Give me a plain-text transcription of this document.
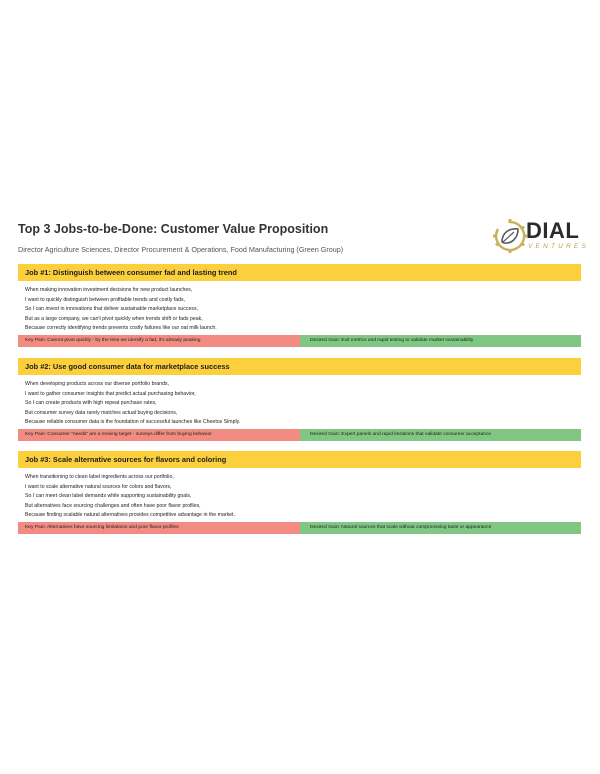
Top 3 Jobs-to-be-Done: Customer Value Proposition
Director Agriculture Sciences, Director Procurement & Operations, Food Manufacturing (Green Group)
DIAL
VENTURES
Job #1: Distinguish between consumer fad and lasting trend
When making innovation investment decisions for new product launches,
I want to quickly distinguish between profitable trends and costly fads,
So I can invest in innovations that deliver sustainable marketplace success,
But as a large company, we can't pivot quickly when trends shift or fads peak,
Because correctly identifying trends prevents costly failures like our oat milk launch.
Key Pain: Cannot pivot quickly - by the time we identify a fad, it's already peaking	Desired Gain: Exit metrics and rapid testing to validate market sustainability
Job #2: Use good consumer data for marketplace success
When developing products across our diverse portfolio brands,
I want to gather consumer insights that predict actual purchasing behavior,
So I can create products with high repeat purchase rates,
But consumer survey data rarely matches actual buying decisions,
Because reliable consumer data is the foundation of successful launches like Cheetos Simply.
Key Pain: Consumer "needs" are a moving target - surveys differ from buying behavior	Desired Gain: Expert panels and rapid iterations that validate consumer acceptance
Job #3: Scale alternative sources for flavors and coloring
When transitioning to clean label ingredients across our portfolio,
I want to scale alternative natural sources for colors and flavors,
So I can meet clean label demands while supporting sustainability goals,
But alternatives face sourcing challenges and often have poor flavor profiles,
Because finding scalable natural alternatives provides competitive advantage in the market.
Key Pain: Alternatives have sourcing limitations and poor flavor profiles	Desired Gain: Natural sources that scale without compromising taste or appearance
